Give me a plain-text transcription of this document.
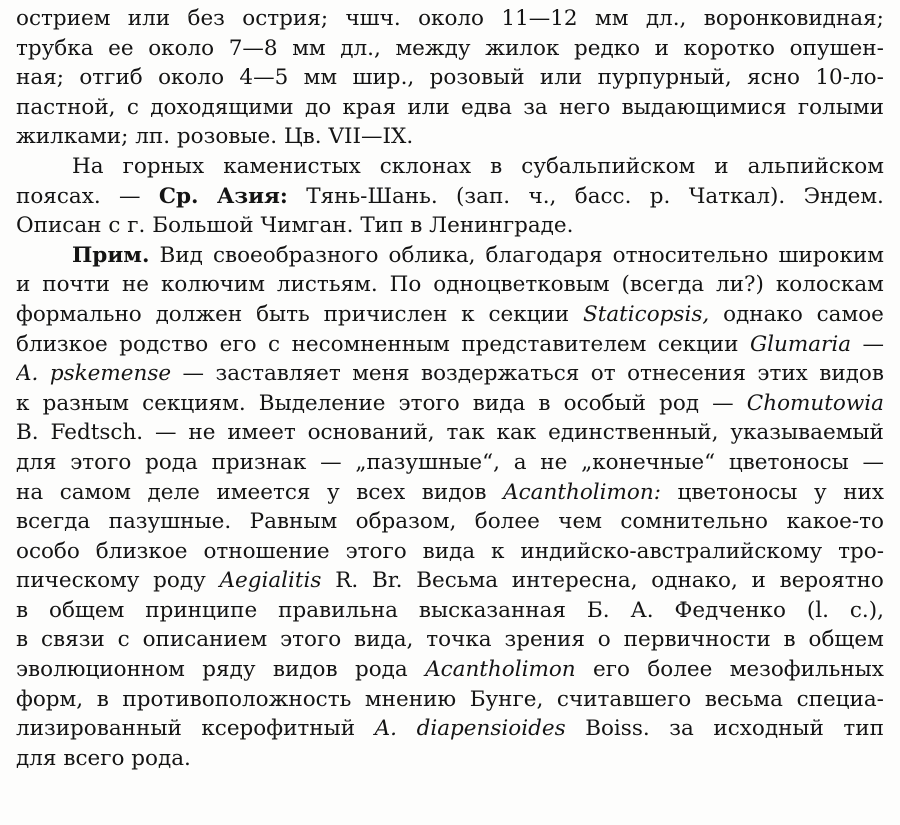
острием или без острия; чшч. около 11—12 мм дл., воронковидная;
трубка ее около 7—8 мм дл., между жилок редко и коротко опушен-
ная; отгиб около 4—5 мм шир., розовый или пурпурный, ясно 10-ло-
пастной, с доходящими до края или едва за него выдающимися голыми
жилками; лп. розовые. Цв. VII—IX.
На горных каменистых склонах в субальпийском и альпийском
поясах. — Ср. Азия: Тянь-Шань. (зап. ч., басс. р. Чаткал). Эндем.
Описан с г. Большой Чимган. Тип в Ленинграде.
Прим. Вид своеобразного облика, благодаря относительно широким
и почти не колючим листьям. По одноцветковым (всегда ли?) колоскам
формально должен быть причислен к секции Staticopsis, однако самое
близкое родство его с несомненным представителем секции Glumaria —
A. pskemense — заставляет меня воздержаться от отнесения этих видов
к разным секциям. Выделение этого вида в особый род — Chomutowia
B. Fedtsch. — не имеет оснований, так как единственный, указываемый
для этого рода признак — „пазушные“, а не „конечные“ цветоносы —
на самом деле имеется у всех видов Acantholimon: цветоносы у них
всегда пазушные. Равным образом, более чем сомнительно какое-то
особо близкое отношение этого вида к индийско-австралийскому тро-
пическому роду Aegialitis R. Br. Весьма интересна, однако, и вероятно
в общем принципе правильна высказанная Б. А. Федченко (l. c.),
в связи с описанием этого вида, точка зрения о первичности в общем
эволюционном ряду видов рода Acantholimon его более мезофильных
форм, в противоположность мнению Бунге, считавшего весьма специа-
лизированный ксерофитный A. diapensioides Boiss. за исходный тип
для всего рода.
